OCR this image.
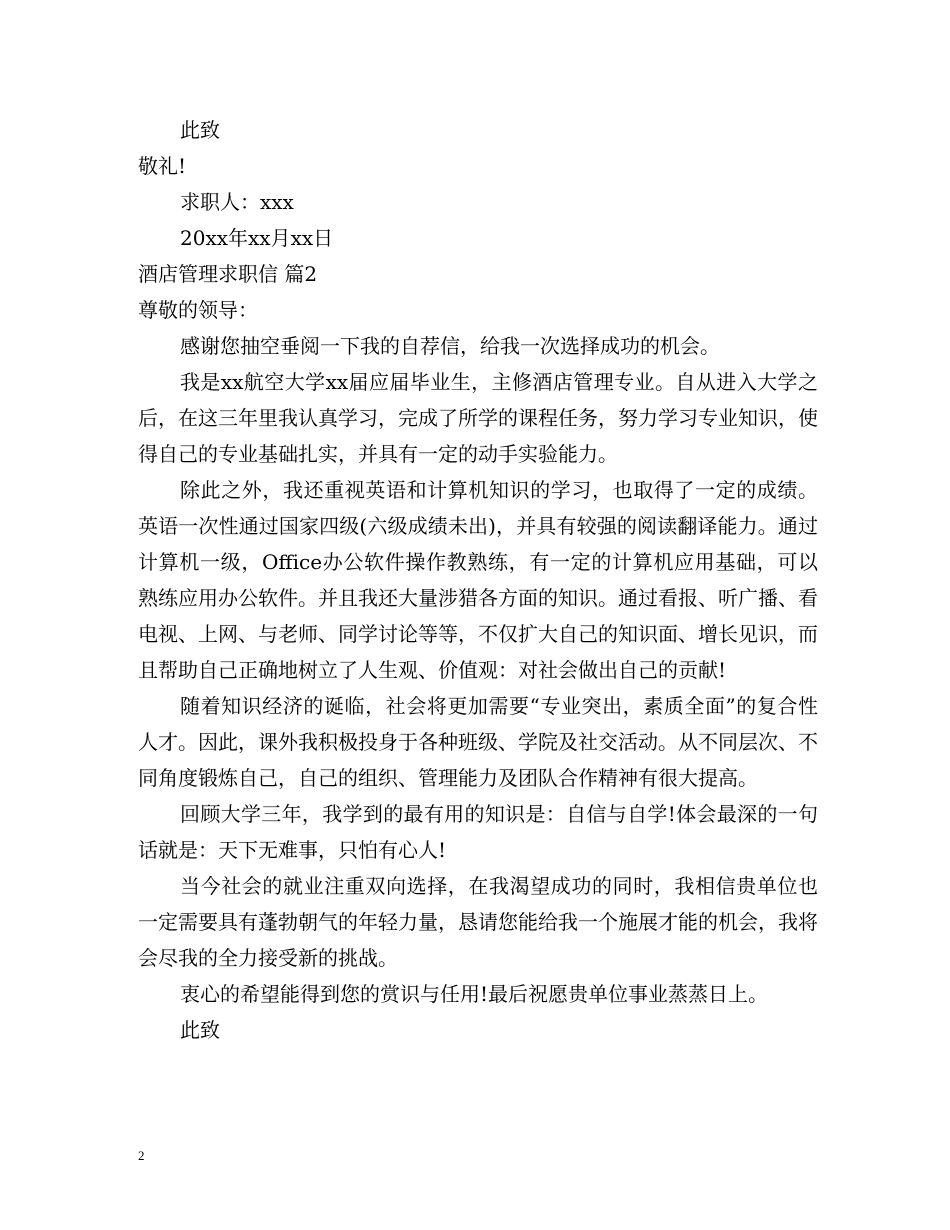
此致
敬礼!
求职人：xxx
20xx年xx月xx日
酒店管理求职信 篇2
尊敬的领导：

感谢您抽空垂阅一下我的自荐信，给我一次选择成功的机会。

我是xx航空大学xx届应届毕业生，主修酒店管理专业。自从进入大学之后，在这三年里我认真学习，完成了所学的课程任务，努力学习专业知识，使得自己的专业基础扎实，并具有一定的动手实验能力。

除此之外，我还重视英语和计算机知识的学习，也取得了一定的成绩。英语一次性通过国家四级(六级成绩未出)，并具有较强的阅读翻译能力。通过计算机一级，Office办公软件操作教熟练，有一定的计算机应用基础，可以熟练应用办公软件。并且我还大量涉猎各方面的知识。通过看报、听广播、看电视、上网、与老师、同学讨论等等，不仅扩大自己的知识面、增长见识，而且帮助自己正确地树立了人生观、价值观：对社会做出自己的贡献!

随着知识经济的诞临，社会将更加需要“专业突出，素质全面”的复合性人才。因此，课外我积极投身于各种班级、学院及社交活动。从不同层次、不同角度锻炼自己，自己的组织、管理能力及团队合作精神有很大提高。

回顾大学三年，我学到的最有用的知识是：自信与自学!体会最深的一句话就是：天下无难事，只怕有心人!

当今社会的就业注重双向选择，在我渴望成功的同时，我相信贵单位也一定需要具有蓬勃朝气的年轻力量，恳请您能给我一个施展才能的机会，我将会尽我的全力接受新的挑战。

衷心的希望能得到您的赏识与任用!最后祝愿贵单位事业蒸蒸日上。

此致
2
